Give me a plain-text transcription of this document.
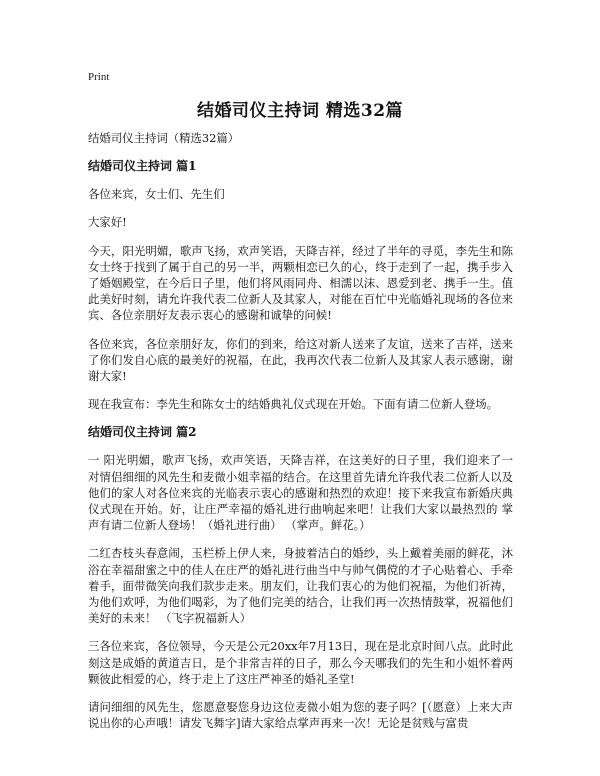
Print
结婚司仪主持词 精选32篇

结婚司仪主持词（精选32篇）

结婚司仪主持词 篇1

各位来宾，女士们、先生们

大家好!

今天，阳光明媚，歌声飞扬，欢声笑语，天降吉祥，经过了半年的寻觅，李先生和陈女士终于找到了属于自己的另一半，两颗相恋已久的心，终于走到了一起，携手步入了婚姻殿堂，在今后日子里，他们将风雨同舟、相濡以沫、恩爱到老、携手一生。值此美好时刻，请允许我代表二位新人及其家人，对能在百忙中光临婚礼现场的各位来宾、各位亲朋好友表示衷心的感谢和诚挚的问候!

各位来宾，各位亲朋好友，你们的到来，给这对新人送来了友谊，送来了吉祥，送来了你们发自心底的最美好的祝福，在此，我再次代表二位新人及其家人表示感谢，谢谢大家!

现在我宣布：李先生和陈女士的结婚典礼仪式现在开始。下面有请二位新人登场。

结婚司仪主持词 篇2

一 阳光明媚，歌声飞扬，欢声笑语，天降吉祥，在这美好的日子里，我们迎来了一对情侣细细的风先生和麦微小姐幸福的结合。在这里首先请允许我代表二位新人以及他们的家人对各位来宾的光临表示衷心的感谢和热烈的欢迎！接下来我宣布新婚庆典仪式现在开始。好，让庄严幸福的婚礼进行曲响起来吧！让我们大家以最热烈的 掌声有请二位新人登场！（婚礼进行曲） （掌声。鲜花。）

二红杏枝头春意闹，玉栏桥上伊人来，身披着洁白的婚纱，头上戴着美丽的鲜花，沐浴在幸福甜蜜之中的佳人在庄严的婚礼进行曲当中与帅气偶傥的才子心贴着心、手牵着手，面带微笑向我们款步走来。朋友们，让我们衷心的为他们祝福，为他们祈祷，为他们欢呼，为他们喝彩，为了他们完美的结合，让我们再一次热情鼓掌，祝福他们美好的未来！ （飞字祝福新人）

三各位来宾，各位领导，今天是公元20xx年7月13日，现在是北京时间八点。此时此刻这是成婚的黄道吉日，是个非常吉祥的日子，那么今天哪我们的先生和小姐怀着两颗彼此相爱的心，终于走上了这庄严神圣的婚礼圣堂!

请问细细的风先生，您愿意娶您身边这位麦微小姐为您的妻子吗？[（愿意）上来大声说出你的心声哦！请发飞舞字]请大家给点掌声再来一次！无论是贫贱与富贵
